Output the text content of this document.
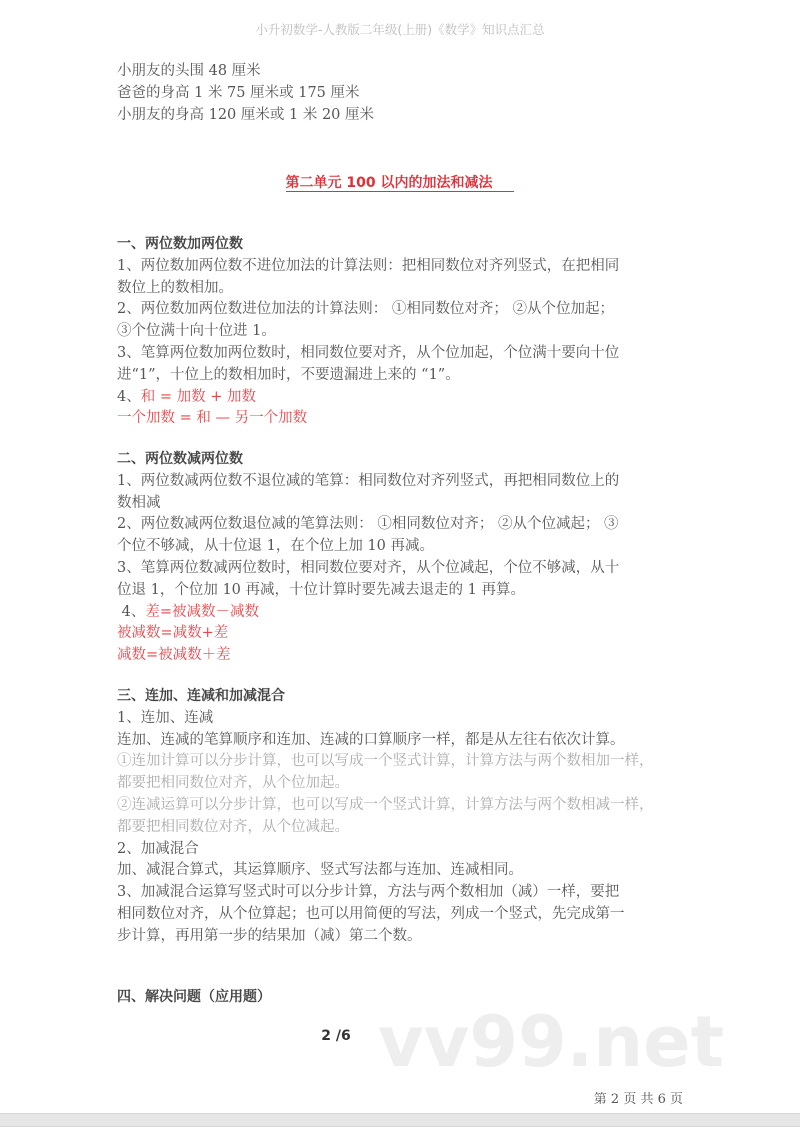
小升初数学-人教版二年级(上册)《数学》知识点汇总
小朋友的头围 48 厘米
爸爸的身高 1 米 75 厘米或 175 厘米
小朋友的身高 120 厘米或 1 米 20 厘米
第二单元 100 以内的加法和减法
一、两位数加两位数
1、两位数加两位数不进位加法的计算法则：把相同数位对齐列竖式，在把相同
数位上的数相加。
2、两位数加两位数进位加法的计算法则： ①相同数位对齐； ②从个位加起；
③个位满十向十位进 1。
3、笔算两位数加两位数时，相同数位要对齐，从个位加起，个位满十要向十位
进“1”，十位上的数相加时，不要遗漏进上来的 “1”。
4、和 = 加数 + 加数
一个加数 = 和 — 另一个加数
二、两位数减两位数
1、两位数减两位数不退位减的笔算：相同数位对齐列竖式，再把相同数位上的
数相减
2、两位数减两位数退位减的笔算法则： ①相同数位对齐； ②从个位减起； ③
个位不够减，从十位退 1，在个位上加 10 再减。
3、笔算两位数减两位数时，相同数位要对齐，从个位减起，个位不够减，从十
位退 1，个位加 10 再减，十位计算时要先减去退走的 1 再算。
4、差=被减数－减数
被减数=减数+差
减数=被减数＋差
三、连加、连减和加减混合
1、连加、连减
连加、连减的笔算顺序和连加、连减的口算顺序一样，都是从左往右依次计算。
①连加计算可以分步计算，也可以写成一个竖式计算，计算方法与两个数相加一样，
都要把相同数位对齐，从个位加起。
②连减运算可以分步计算，也可以写成一个竖式计算，计算方法与两个数相减一样，
都要把相同数位对齐，从个位减起。
2、加减混合
加、减混合算式，其运算顺序、竖式写法都与连加、连减相同。
3、加减混合运算写竖式时可以分步计算，方法与两个数相加（减）一样，要把
相同数位对齐，从个位算起；也可以用简便的写法，列成一个竖式，先完成第一
步计算，再用第一步的结果加（减）第二个数。
四、解决问题（应用题）
vv99.net
2 /6
第 2 页 共 6 页
